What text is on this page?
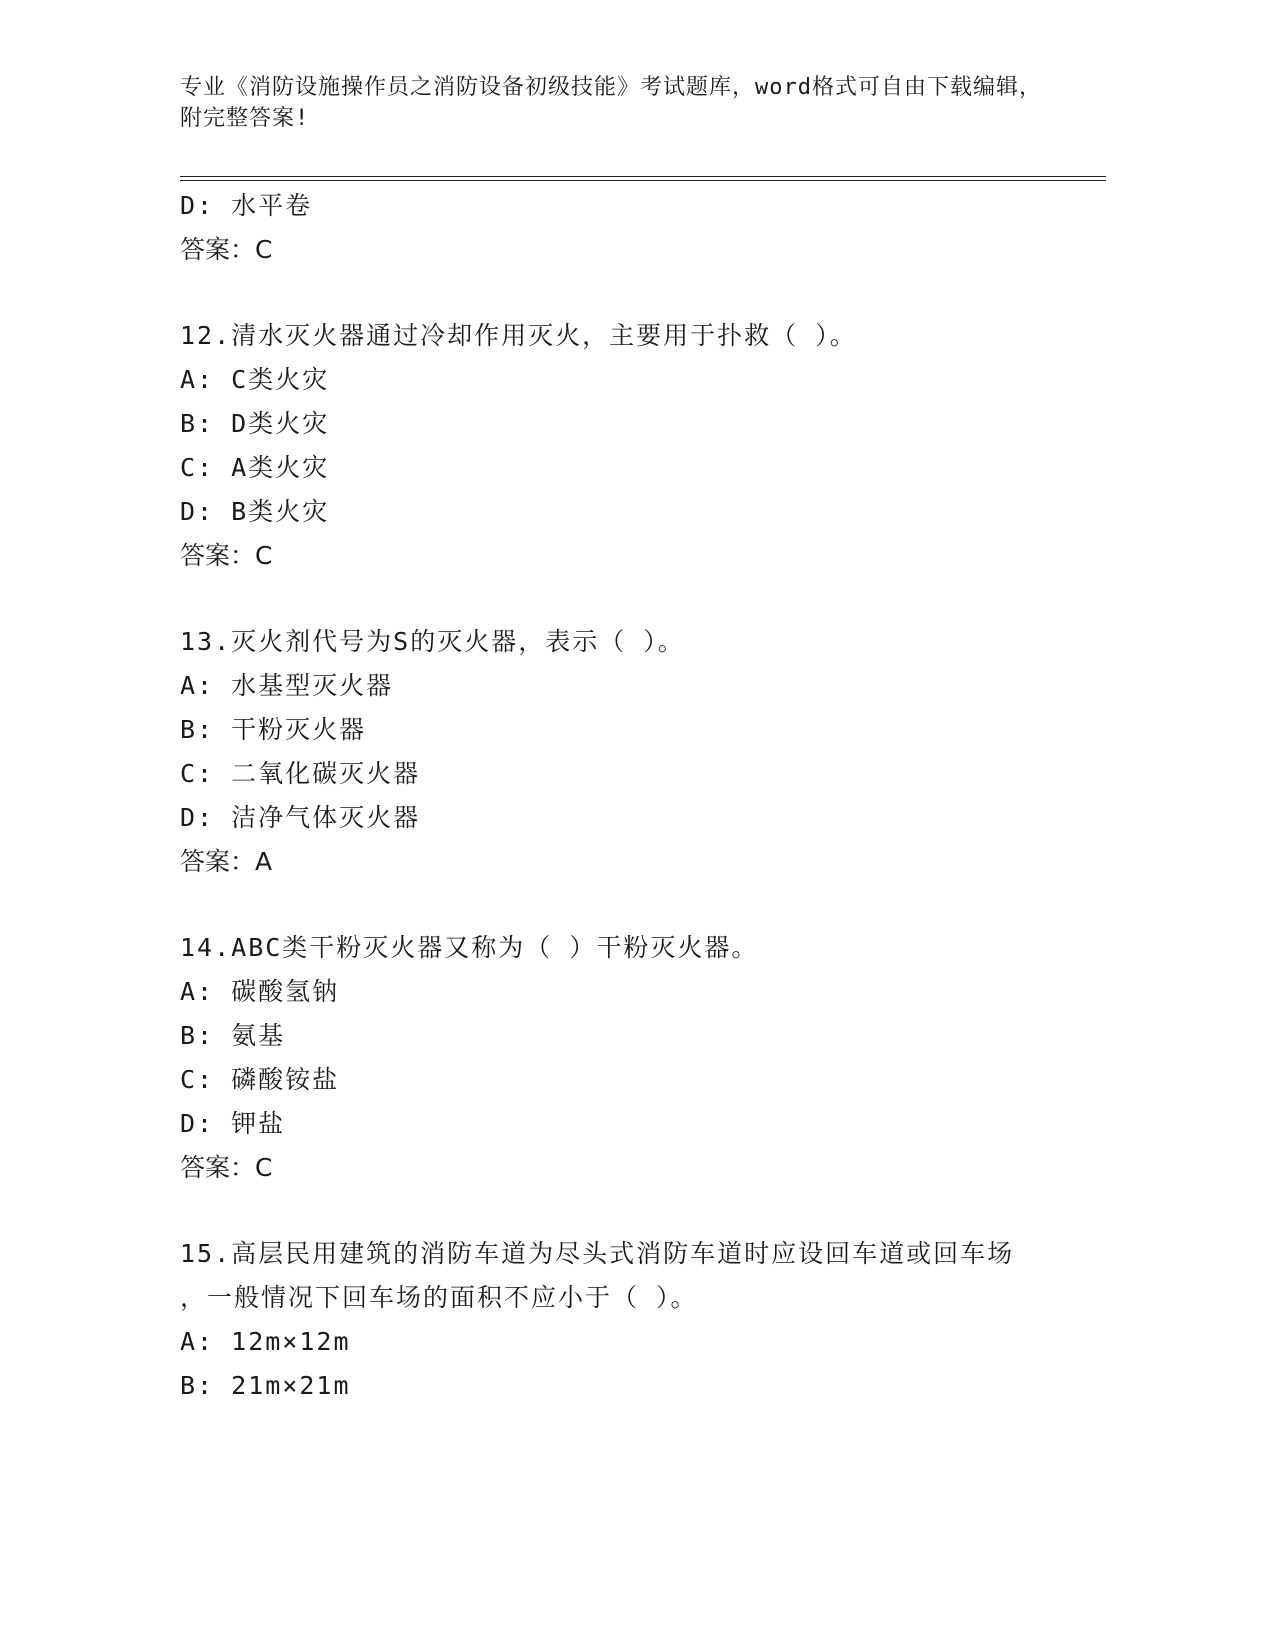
专业《消防设施操作员之消防设备初级技能》考试题库，word格式可自由下载编辑，附完整答案!
D: 水平卷
答案：C
12.清水灭火器通过冷却作用灭火，主要用于扑救（ ）。
A: C类火灾
B: D类火灾
C: A类火灾
D: B类火灾
答案：C
13.灭火剂代号为S的灭火器，表示（ ）。
A: 水基型灭火器
B: 干粉灭火器
C: 二氧化碳灭火器
D: 洁净气体灭火器
答案：A
14.ABC类干粉灭火器又称为（ ）干粉灭火器。
A: 碳酸氢钠
B: 氨基
C: 磷酸铵盐
D: 钾盐
答案：C
15.高层民用建筑的消防车道为尽头式消防车道时应设回车道或回车场
，一般情况下回车场的面积不应小于（ ）。
A: 12m×12m
B: 21m×21m
